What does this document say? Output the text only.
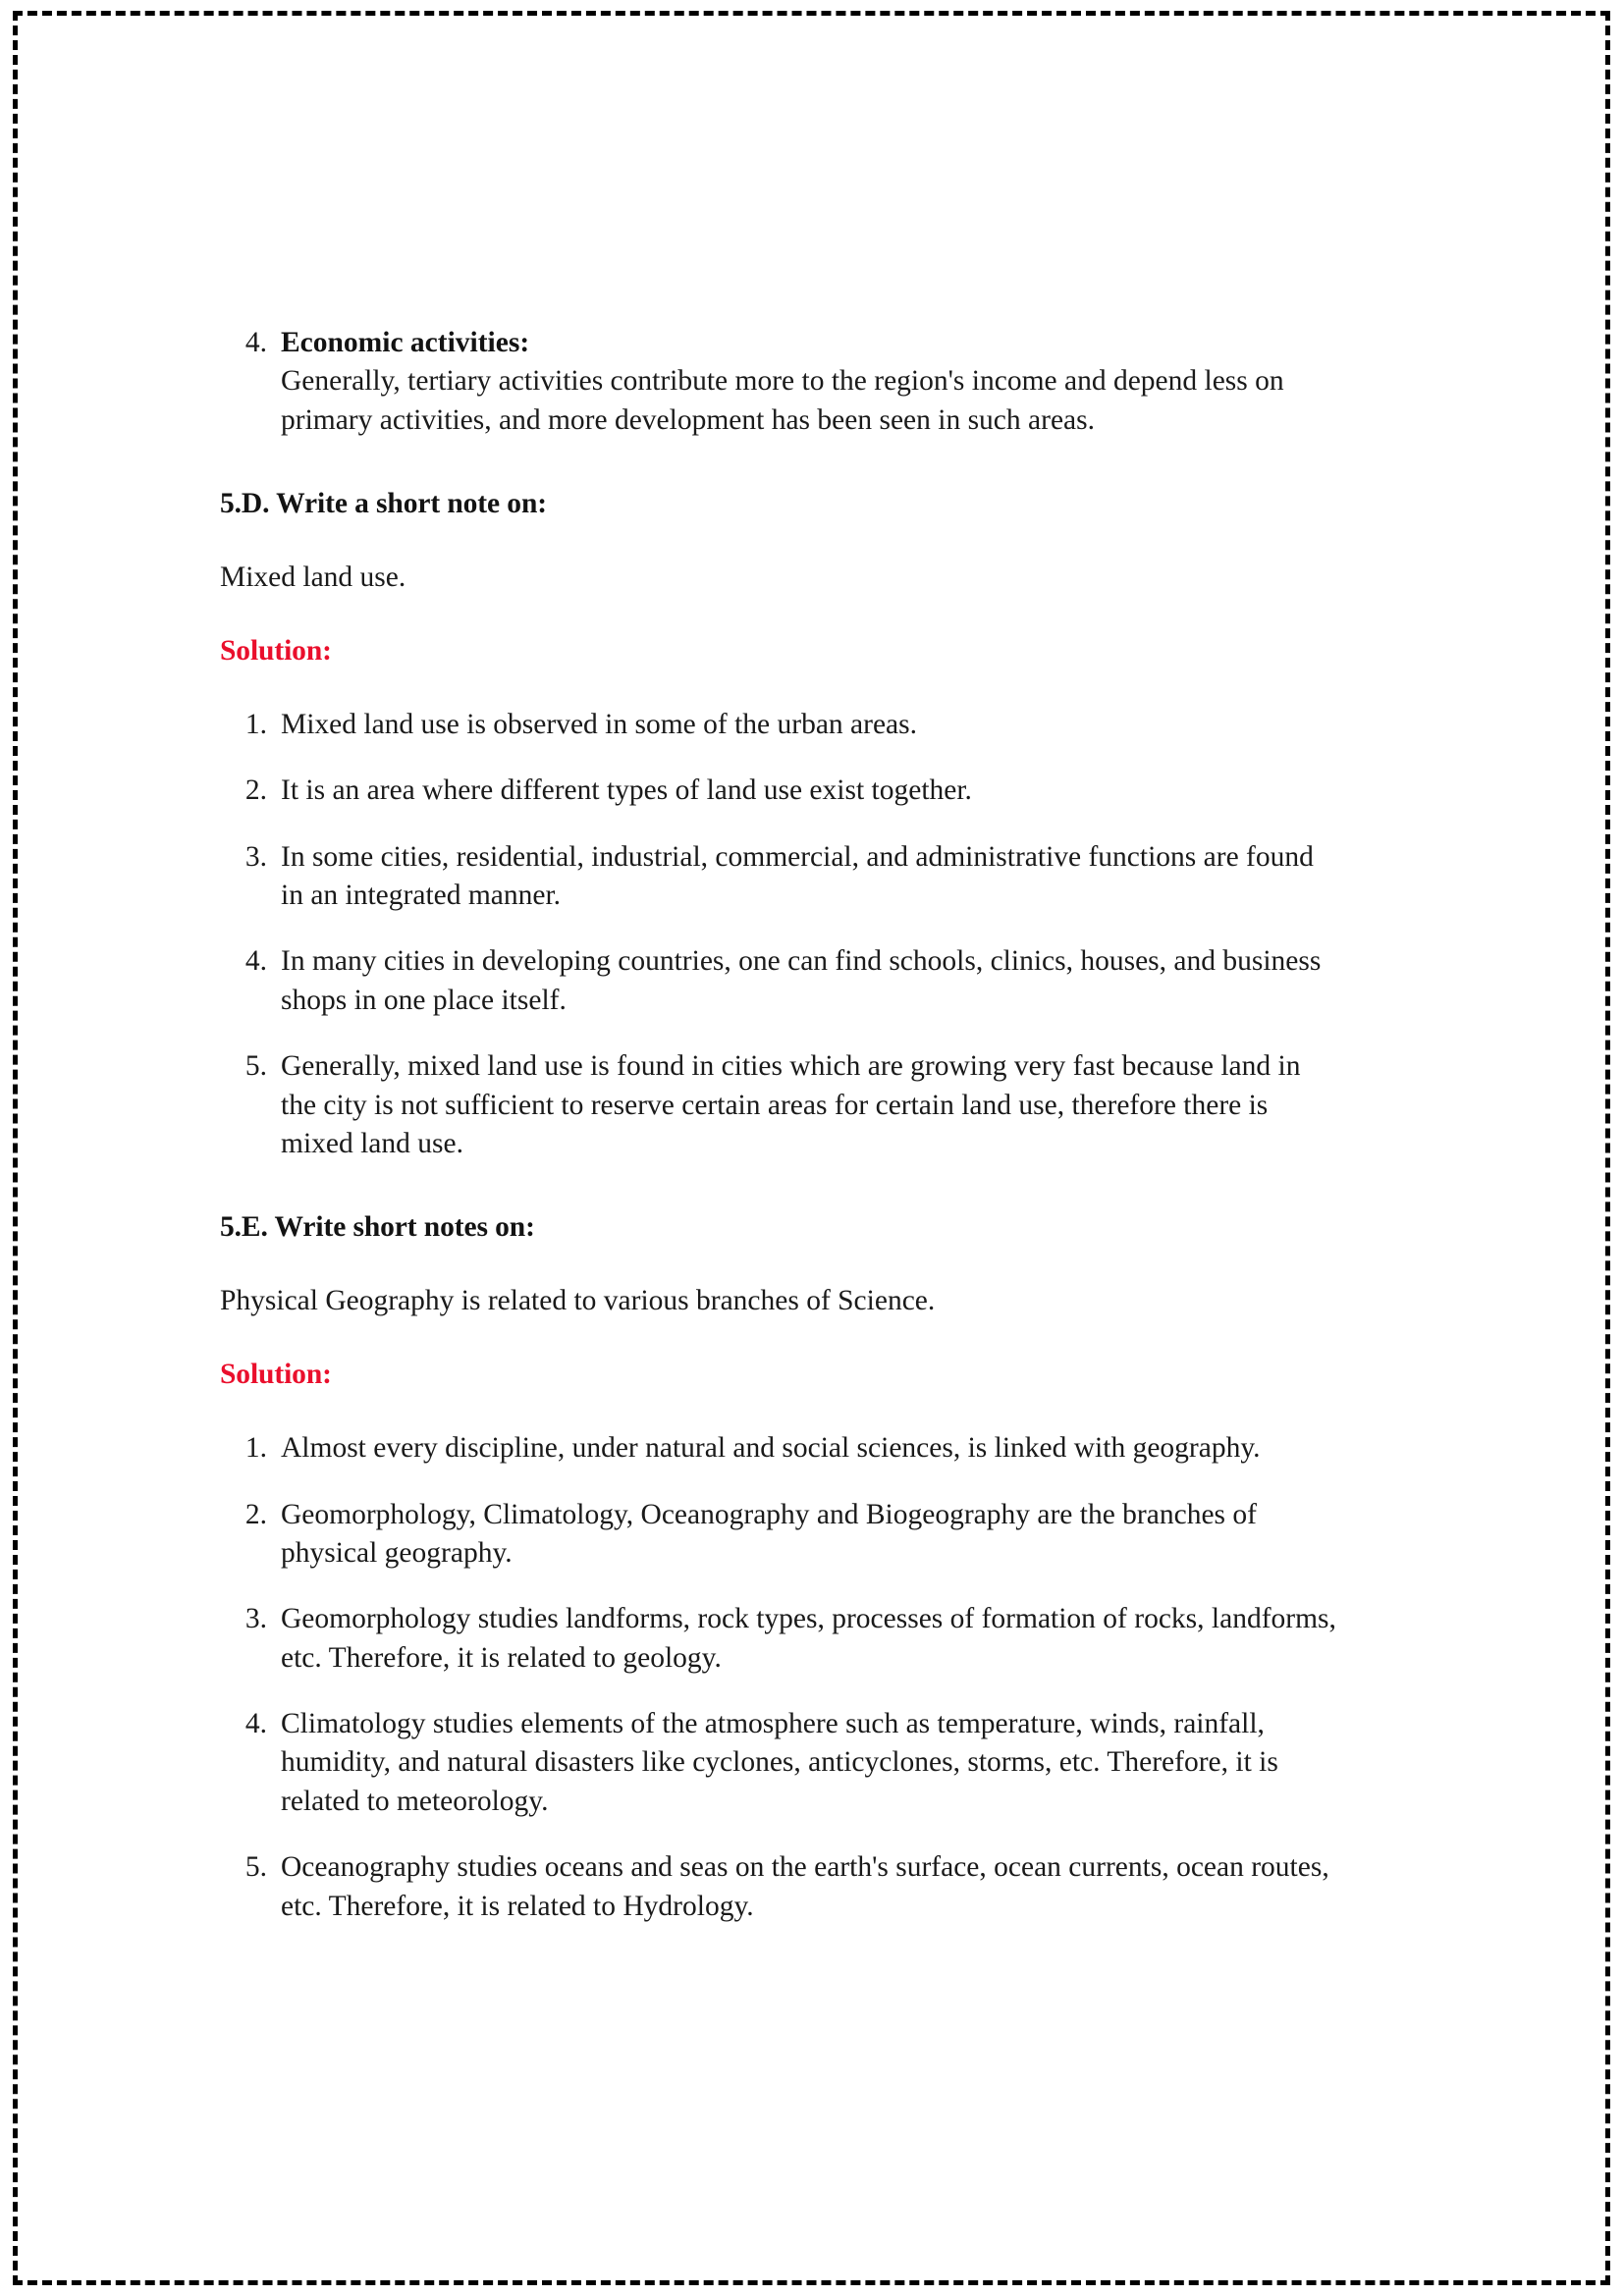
4. Economic activities:
Generally, tertiary activities contribute more to the region's income and depend less on primary activities, and more development has been seen in such areas.

5.D. Write a short note on:

Mixed land use.

Solution:

1. Mixed land use is observed in some of the urban areas.
2. It is an area where different types of land use exist together.
3. In some cities, residential, industrial, commercial, and administrative functions are found in an integrated manner.
4. In many cities in developing countries, one can find schools, clinics, houses, and business shops in one place itself.
5. Generally, mixed land use is found in cities which are growing very fast because land in the city is not sufficient to reserve certain areas for certain land use, therefore there is mixed land use.

5.E. Write short notes on:

Physical Geography is related to various branches of Science.

Solution:

1. Almost every discipline, under natural and social sciences, is linked with geography.
2. Geomorphology, Climatology, Oceanography and Biogeography are the branches of physical geography.
3. Geomorphology studies landforms, rock types, processes of formation of rocks, landforms, etc. Therefore, it is related to geology.
4. Climatology studies elements of the atmosphere such as temperature, winds, rainfall, humidity, and natural disasters like cyclones, anticyclones, storms, etc. Therefore, it is related to meteorology.
5. Oceanography studies oceans and seas on the earth's surface, ocean currents, ocean routes, etc. Therefore, it is related to Hydrology.
